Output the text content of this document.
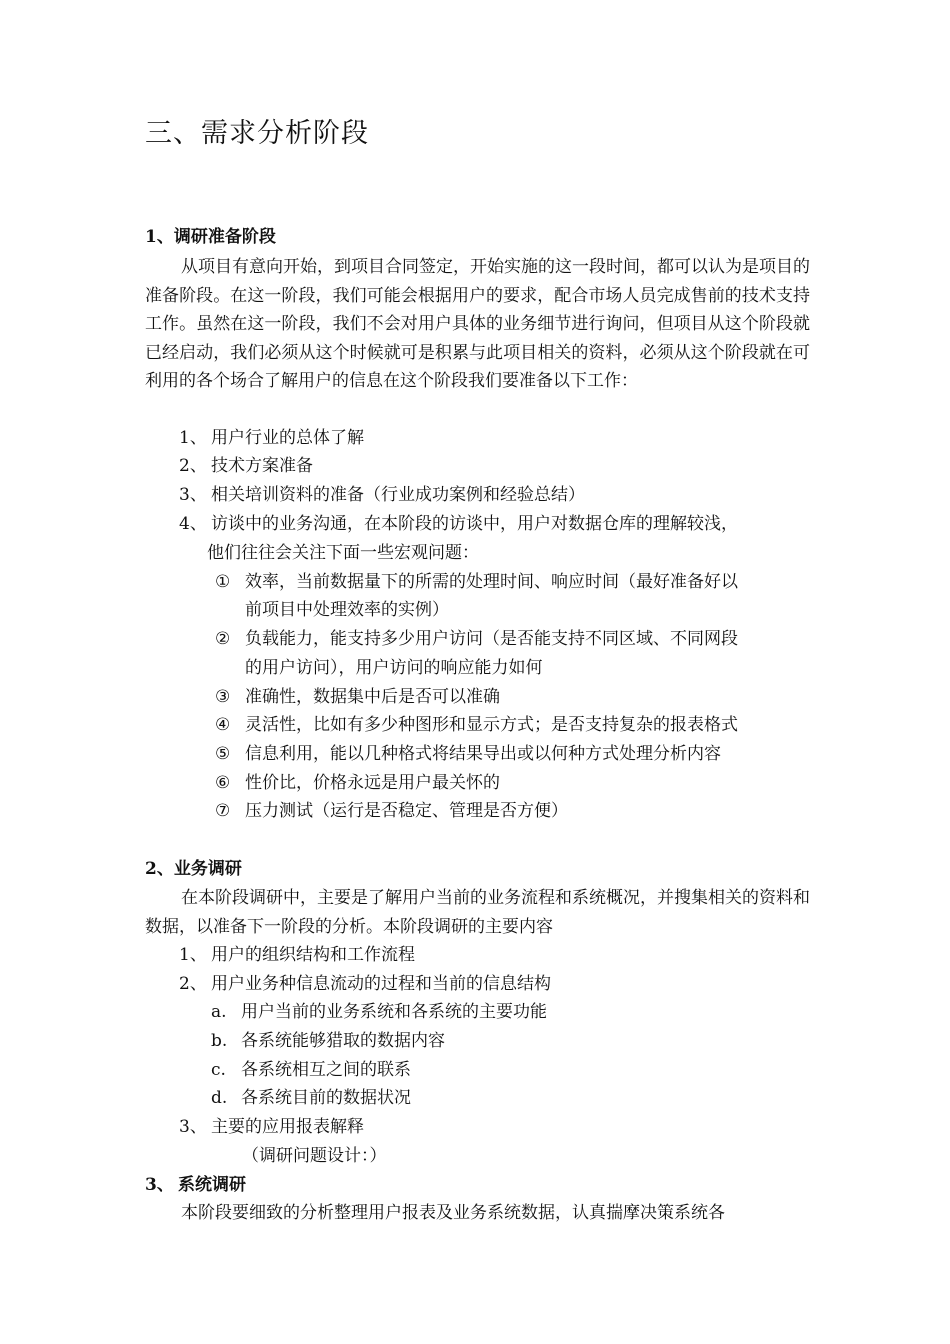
三、需求分析阶段
1、调研准备阶段

从项目有意向开始，到项目合同签定，开始实施的这一段时间，都可以认为是项目的准备阶段。在这一阶段，我们可能会根据用户的要求，配合市场人员完成售前的技术支持工作。虽然在这一阶段，我们不会对用户具体的业务细节进行询问，但项目从这个阶段就已经启动，我们必须从这个时候就可是积累与此项目相关的资料，必须从这个阶段就在可利用的各个场合了解用户的信息在这个阶段我们要准备以下工作：

1、 用户行业的总体了解
2、 技术方案准备
3、 相关培训资料的准备（行业成功案例和经验总结）
4、 访谈中的业务沟通，在本阶段的访谈中，用户对数据仓库的理解较浅，
他们往往会关注下面一些宏观问题：
① 效率，当前数据量下的所需的处理时间、响应时间（最好准备好以
前项目中处理效率的实例）
② 负载能力，能支持多少用户访问（是否能支持不同区域、不同网段
的用户访问），用户访问的响应能力如何
③ 准确性，数据集中后是否可以准确
④ 灵活性，比如有多少种图形和显示方式；是否支持复杂的报表格式
⑤ 信息利用，能以几种格式将结果导出或以何种方式处理分析内容
⑥ 性价比，价格永远是用户最关怀的
⑦ 压力测试（运行是否稳定、管理是否方便）
2、业务调研

在本阶段调研中，主要是了解用户当前的业务流程和系统概况，并搜集相关的资料和数据，以准备下一阶段的分析。本阶段调研的主要内容

1、 用户的组织结构和工作流程
2、 用户业务种信息流动的过程和当前的信息结构
a. 用户当前的业务系统和各系统的主要功能
b. 各系统能够猎取的数据内容
c. 各系统相互之间的联系
d. 各系统目前的数据状况
3、 主要的应用报表解释
（调研问题设计：）
3、 系统调研

本阶段要细致的分析整理用户报表及业务系统数据，认真揣摩决策系统各
